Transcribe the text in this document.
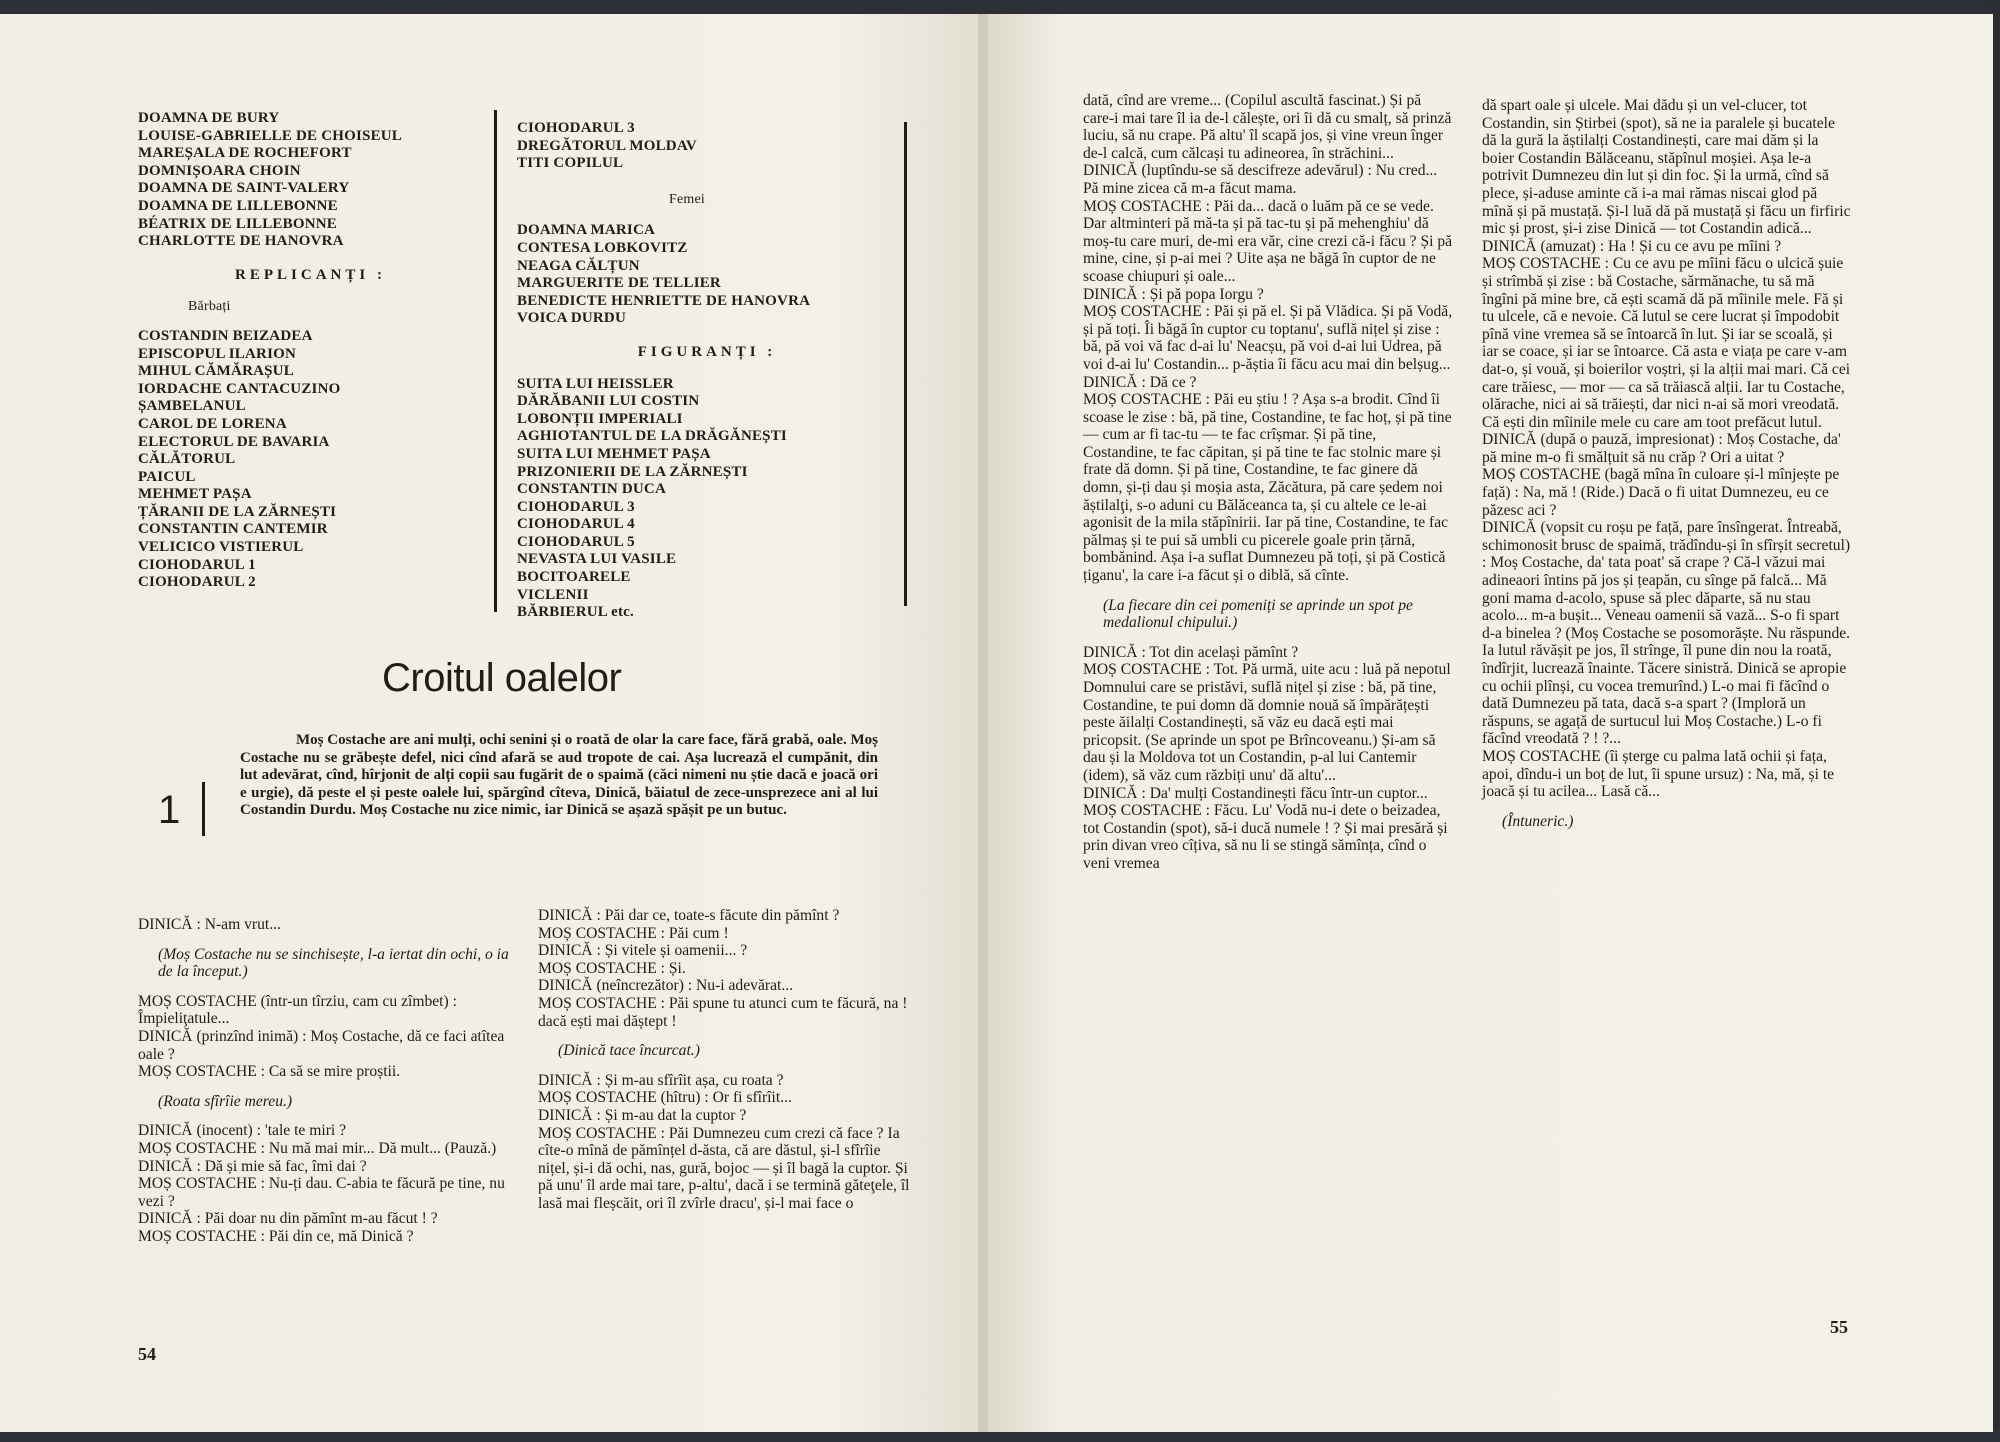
DOAMNA DE BURY
LOUISE-GABRIELLE DE CHOISEUL
MAREȘALA DE ROCHEFORT
DOMNIȘOARA CHOIN
DOAMNA DE SAINT-VALERY
DOAMNA DE LILLEBONNE
BÉATRIX DE LILLEBONNE
CHARLOTTE DE HANOVRA
REPLICANȚI :
Bărbați
COSTANDIN BEIZADEA
EPISCOPUL ILARION
MIHUL CĂMĂRAȘUL
IORDACHE CANTACUZINO
ȘAMBELANUL
CAROL DE LORENA
ELECTORUL DE BAVARIA
CĂLĂTORUL
PAICUL
MEHMET PAȘA
ȚĂRANII DE LA ZĂRNEȘTI
CONSTANTIN CANTEMIR
VELICICO VISTIERUL
CIOHODARUL 1
CIOHODARUL 2
CIOHODARUL 3
DREGĂTORUL MOLDAV
TITI COPILUL
Femei
DOAMNA MARICA
CONTESA LOBKOVITZ
NEAGA CĂLȚUN
MARGUERITE DE TELLIER
BENEDICTE HENRIETTE DE HANOVRA
VOICA DURDU
FIGURANȚI :
SUITA LUI HEISSLER
DĂRĂBANII LUI COSTIN
LOBONȚII IMPERIALI
AGHIOTANTUL DE LA DRĂGĂNEȘTI
SUITA LUI MEHMET PAȘA
PRIZONIERII DE LA ZĂRNEȘTI
CONSTANTIN DUCA
CIOHODARUL 3
CIOHODARUL 4
CIOHODARUL 5
NEVASTA LUI VASILE
BOCITOARELE
VICLENII
BĂRBIERUL etc.
Croitul oalelor
1
Moș Costache are ani mulți, ochi senini și o roată de olar la care face, fără grabă, oale. Moș Costache nu se grăbește defel, nici cînd afară se aud tropote de cai. Așa lucrează el cumpănit, din lut adevărat, cînd, hîrjonit de alți copii sau fugărit de o spaimă (căci nimeni nu știe dacă e joacă ori e urgie), dă peste el și peste oalele lui, spărgînd cîteva, Dinică, băiatul de zece-unsprezece ani al lui Costandin Durdu. Moș Costache nu zice nimic, iar Dinică se așază spășit pe un butuc.

DINICĂ : N-am vrut...

(Moș Costache nu se sinchisește, l-a iertat din ochi, o ia de la început.)

MOȘ COSTACHE (într-un tîrziu, cam cu zîmbet) : Împieliţatule...

DINICĂ (prinzînd inimă) : Moș Costache, dă ce faci atîtea oale ?

MOȘ COSTACHE : Ca să se mire proștii.

(Roata sfîrîie mereu.)

DINICĂ (inocent) : 'tale te miri ?

MOȘ COSTACHE : Nu mă mai mir... Dă mult... (Pauză.)

DINICĂ : Dă și mie să fac, îmi dai ?

MOȘ COSTACHE : Nu-ți dau. C-abia te făcură pe tine, nu vezi ?

DINICĂ : Păi doar nu din pămînt m-au făcut ! ?

MOȘ COSTACHE : Păi din ce, mă Dinică ?

DINICĂ : Păi dar ce, toate-s făcute din pămînt ?

MOȘ COSTACHE : Păi cum !

DINICĂ : Și vitele și oamenii... ?

MOȘ COSTACHE : Și.

DINICĂ (neîncrezător) : Nu-i adevărat...

MOȘ COSTACHE : Păi spune tu atunci cum te făcură, na ! dacă ești mai dăștept !

(Dinică tace încurcat.)

DINICĂ : Și m-au sfîrîit așa, cu roata ?

MOȘ COSTACHE (hîtru) : Or fi sfîrîit...

DINICĂ : Și m-au dat la cuptor ?

MOȘ COSTACHE : Păi Dumnezeu cum crezi că face ? Ia cîte-o mînă de pămînțel d-ăsta, că are dăstul, și-l sfîrîie nițel, și-i dă ochi, nas, gură, bojoc — și îl bagă la cuptor. Și pă unu' îl arde mai tare, p-altu', dacă i se termină găteţele, îl lasă mai fleșcăit, ori îl zvîrle dracu', și-l mai face o

54

dată, cînd are vreme... (Copilul ascultă fascinat.) Și pă care-i mai tare îl ia de-l călește, ori îi dă cu smalț, să prinză luciu, să nu crape. Pă altu' îl scapă jos, și vine vreun înger de-l calcă, cum călcași tu adineorea, în străchini...

DINICĂ (luptîndu-se să descifreze adevărul) : Nu cred... Pă mine zicea că m-a făcut mama.

MOȘ COSTACHE : Păi da... dacă o luăm pă ce se vede. Dar altminteri pă mă-ta și pă tac-tu și pă mehenghiu' dă moș-tu care muri, de-mi era văr, cine crezi că-i făcu ? Și pă mine, cine, și p-ai mei ? Uite așa ne băgă în cuptor de ne scoase chiupuri și oale...

DINICĂ : Și pă popa Iorgu ?

MOȘ COSTACHE : Păi și pă el. Și pă Vlădica. Și pă Vodă, și pă toți. Îi băgă în cuptor cu toptanu', suflă nițel și zise : bă, pă voi vă fac d-ai lu' Neacșu, pă voi d-ai lui Udrea, pă voi d-ai lu' Costandin... p-ăștia îi făcu acu mai din belșug...

DINICĂ : Dă ce ?

MOȘ COSTACHE : Păi eu știu ! ? Așa s-a brodit. Cînd îi scoase le zise : bă, pă tine, Costandine, te fac hoț, și pă tine — cum ar fi tac-tu — te fac crîșmar. Și pă tine, Costandine, te fac căpitan, și pă tine te fac stolnic mare și frate dă domn. Și pă tine, Costandine, te fac ginere dă domn, și-ți dau și moșia asta, Zăcătura, pă care ședem noi ăștilalţi, s-o aduni cu Bălăceanca ta, și cu altele ce le-ai agonisit de la mila stăpînirii. Iar pă tine, Costandine, te fac pălmaș și te pui să umbli cu picerele goale prin țărnă, bombănind. Așa i-a suflat Dumnezeu pă toți, și pă Costică țiganu', la care i-a făcut și o diblă, să cînte.

(La fiecare din cei pomeniți se aprinde un spot pe medalionul chipului.)

DINICĂ : Tot din același pămînt ?

MOȘ COSTACHE : Tot. Pă urmă, uite acu : luă pă nepotul Domnului care se pristăvi, suflă nițel și zise : bă, pă tine, Costandine, te pui domn dă domnie nouă să împărățești peste ăilalți Costandinești, să văz eu dacă ești mai pricopsit. (Se aprinde un spot pe Brîncoveanu.) Și-am să dau și la Moldova tot un Costandin, p-al lui Cantemir (idem), să văz cum răzbiți unu' dă altu'...

DINICĂ : Da' mulți Costandinești făcu într-un cuptor...

MOȘ COSTACHE : Făcu. Lu' Vodă nu-i dete o beizadea, tot Costandin (spot), să-i ducă numele ! ? Și mai presără și prin divan vreo cîțiva, să nu li se stingă sămînța, cînd o veni vremea

dă spart oale și ulcele. Mai dădu și un vel-clucer, tot Costandin, sin Știrbei (spot), să ne ia paralele și bucatele dă la gură la ăștilalți Costandinești, care mai dăm și la boier Costandin Bălăceanu, stăpînul moșiei. Așa le-a potrivit Dumnezeu din lut și din foc. Și la urmă, cînd să plece, și-aduse aminte că i-a mai rămas niscai glod pă mînă și pă mustață. Și-l luă dă pă mustață și făcu un firfiric mic și prost, și-i zise Dinică — tot Costandin adică...

DINICĂ (amuzat) : Ha ! Și cu ce avu pe mîini ?

MOȘ COSTACHE : Cu ce avu pe mîini făcu o ulcică șuie și strîmbă și zise : bă Costache, sărmănache, tu să mă îngîni pă mine bre, că ești scamă dă pă mîinile mele. Fă și tu ulcele, că e nevoie. Că lutul se cere lucrat și împodobit pînă vine vremea să se întoarcă în lut. Și iar se scoală, și iar se coace, și iar se întoarce. Că asta e viața pe care v-am dat-o, și vouă, și boierilor voștri, și la alții mai mari. Că cei care trăiesc, — mor — ca să trăiască alții. Iar tu Costache, olărache, nici ai să trăiești, dar nici n-ai să mori vreodată. Că ești din mîinile mele cu care am toot prefăcut lutul.

DINICĂ (după o pauză, impresionat) : Moș Costache, da' pă mine m-o fi smălțuit să nu crăp ? Ori a uitat ?

MOȘ COSTACHE (bagă mîna în culoare și-l mînjește pe față) : Na, mă ! (Ride.) Dacă o fi uitat Dumnezeu, eu ce păzesc aci ?

DINICĂ (vopsit cu roșu pe față, pare însîngerat. Întreabă, schimonosit brusc de spaimă, trădîndu-și în sfîrșit secretul) : Moș Costache, da' tata poat' să crape ? Că-l văzui mai adineaori întins pă jos și țeapăn, cu sînge pă falcă... Mă goni mama d-acolo, spuse să plec dăparte, să nu stau acolo... m-a bușit... Veneau oamenii să vază... S-o fi spart d-a binelea ? (Moș Costache se posomorăște. Nu răspunde. Ia lutul răvășit pe jos, îl strînge, îl pune din nou la roată, îndîrjit, lucrează înainte. Tăcere sinistră. Dinică se apropie cu ochii plînși, cu vocea tremurînd.) L-o mai fi făcînd o dată Dumnezeu pă tata, dacă s-a spart ? (Imploră un răspuns, se agață de surtucul lui Moș Costache.) L-o fi făcînd vreodată ? ! ?...

MOȘ COSTACHE (îi șterge cu palma lată ochii și fața, apoi, dîndu-i un boț de lut, îi spune ursuz) : Na, mă, și te joacă și tu acilea... Lasă că...

(Întuneric.)

55
